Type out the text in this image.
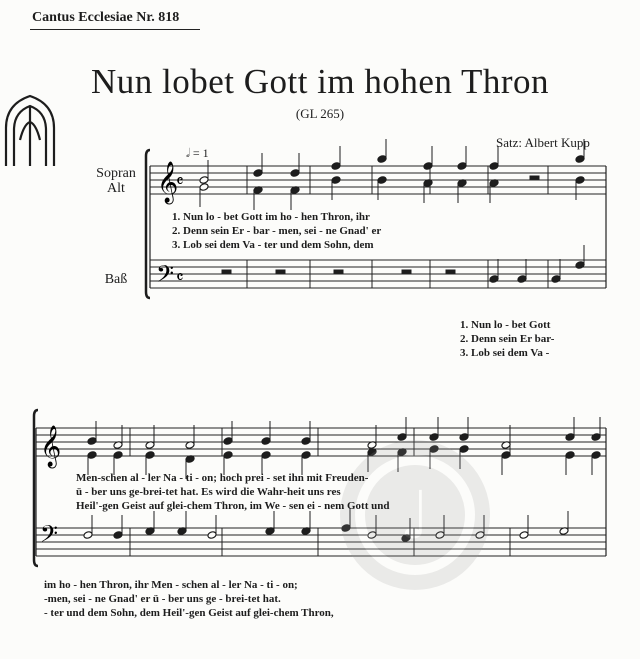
Cantus Ecclesiae Nr. 818
Nun lobet Gott im hohen Thron
(GL 265)
Satz: Albert Kupp
𝅗𝅥 = 1
Sopran
Alt
Baß
𝄞
𝄴
𝄢 𝄴
𝄞
𝄢	♩
1. Nun lo - bet Gott im ho - hen Thron, ihr
2. Denn sein Er - bar - men, sei - ne Gnad' er
3. Lob sei dem Va - ter und dem Sohn, dem
1. Nun lo - bet Gott
2. Denn sein Er bar-
3. Lob sei dem Va -
Men-schen al - ler Na - ti - on; hoch prei - set ihn mit Freuden-
ü - ber uns ge-brei-tet hat. Es wird die Wahr-heit uns res
Heil'-gen Geist auf glei-chem Thron, im We - sen ei - nem Gott und
im ho - hen Thron, ihr Men - schen al - ler Na - ti - on;
-men, sei - ne Gnad' er ü - ber uns ge - brei-tet hat.
- ter und dem Sohn, dem Heil'-gen Geist auf glei-chem Thron,
